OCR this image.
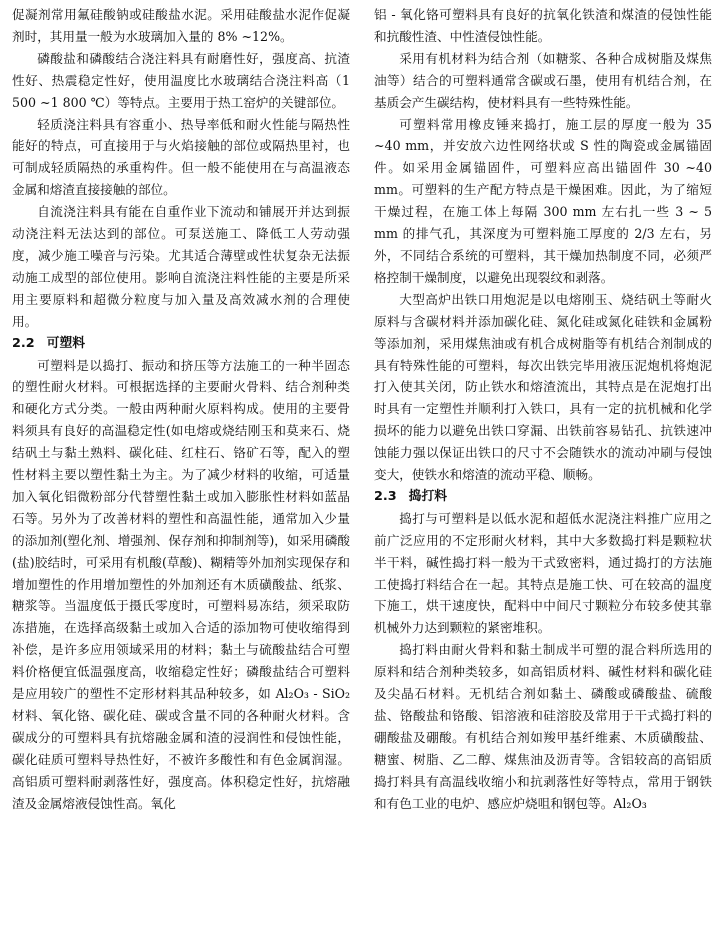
促凝剂常用氟硅酸钠或硅酸盐水泥。采用硅酸盐水泥作促凝剂时，其用量一般为水玻璃加入量的 8% ~12%。

磷酸盐和磷酸结合浇注料具有耐磨性好，强度高、抗渣性好、热震稳定性好，使用温度比水玻璃结合浇注料高（1 500 ~1 800 ℃）等特点。主要用于热工窑炉的关键部位。

轻质浇注料具有容重小、热导率低和耐火性能与隔热性能好的特点，可直接用于与火焰接触的部位或隔热里衬，也可制成轻质隔热的承重构件。但一般不能使用在与高温液态金属和熔渣直接接触的部位。

自流浇注料具有能在自重作业下流动和铺展开并达到振动浇注料无法达到的部位。可泵送施工、降低工人劳动强度，减少施工噪音与污染。尤其适合薄壁或性状复杂无法振动施工成型的部位使用。影响自流浇注料性能的主要是所采用主要原料和超微分粒度与加入量及高效减水剂的合理使用。

2.2 可塑料

可塑料是以捣打、振动和挤压等方法施工的一种半固态的塑性耐火材料。可根据选择的主要耐火骨料、结合剂种类和硬化方式分类。一般由两种耐火原料构成。使用的主要骨料须具有良好的高温稳定性(如电熔或烧结刚玉和莫来石、烧结矾土与黏土熟料、碳化硅、红柱石、铬矿石等，配入的塑性材料主要以塑性黏土为主。为了减少材料的收缩，可适量加入氧化铝微粉部分代替塑性黏土或加入膨胀性材料如蓝晶石等。另外为了改善材料的塑性和高温性能，通常加入少量的添加剂(塑化剂、增强剂、保存剂和抑制剂等)，如采用磷酸(盐)胶结时，可采用有机酸(草酸)、糊精等外加剂实现保存和增加塑性的作用增加塑性的外加剂还有木质磺酸盐、纸浆、糖浆等。当温度低于摄氏零度时，可塑料易冻结，须采取防冻措施，在选择高级黏土或加入合适的添加物可使收缩得到补偿，是许多应用领域采用的材料；黏土与硫酸盐结合可塑料价格便宜低温强度高，收缩稳定性好；磷酸盐结合可塑料是应用较广的塑性不定形材料其品种较多，如 Al₂O₃ - SiO₂ 材料、氧化铬、碳化硅、碳或含量不同的各种耐火材料。含碳成分的可塑料具有抗熔融金属和渣的浸润性和侵蚀性能，碳化硅质可塑料导热性好，不被许多酸性和有色金属润湿。高铝质可塑料耐剥落性好，强度高。体积稳定性好，抗熔融渣及金属熔液侵蚀性高。氧化

铝 - 氧化铬可塑料具有良好的抗氧化铁渣和煤渣的侵蚀性能和抗酸性渣、中性渣侵蚀性能。

采用有机材料为结合剂（如糖浆、各种合成树脂及煤焦油等）结合的可塑料通常含碳或石墨，使用有机结合剂，在基质会产生碳结构，使材料具有一些特殊性能。

可塑料常用橡皮锤来捣打，施工层的厚度一般为 35 ~40 mm，并安放六边性网络状或 S 性的陶瓷或金属锚固件。如采用金属锚固件，可塑料应高出锚固件 30 ~40 mm。可塑料的生产配方特点是干燥困难。因此，为了缩短干燥过程，在施工体上每隔 300 mm 左右扎一些 3 ~ 5 mm 的排气孔，其深度为可塑料施工厚度的 2/3 左右，另外，不同结合系统的可塑料，其干燥加热制度不同，必须严格控制干燥制度，以避免出现裂纹和剥落。

大型高炉出铁口用炮泥是以电熔刚玉、烧结矾土等耐火原料与含碳材料并添加碳化硅、氮化硅或氮化硅铁和金属粉等添加剂，采用煤焦油或有机合成树脂等有机结合剂制成的具有特殊性能的可塑料，每次出铁完毕用液压泥炮机将炮泥打入使其关闭，防止铁水和熔渣流出，其特点是在泥炮打出时具有一定塑性并顺利打入铁口，具有一定的抗机械和化学损坏的能力以避免出铁口穿漏、出铁前容易钻孔、抗铁速冲蚀能力强以保证出铁口的尺寸不会随铁水的流动冲刷与侵蚀变大，使铁水和熔渣的流动平稳、顺畅。

2.3 捣打料

捣打与可塑料是以低水泥和超低水泥浇注料推广应用之前广泛应用的不定形耐火材料，其中大多数捣打料是颗粒状半干料，碱性捣打料一般为干式致密料，通过捣打的方法施工使捣打料结合在一起。其特点是施工快、可在较高的温度下施工，烘干速度快，配料中中间尺寸颗粒分布较多使其靠机械外力达到颗粒的紧密堆积。

捣打料由耐火骨料和黏土制成半可塑的混合料所选用的原料和结合剂种类较多，如高铝质材料、碱性材料和碳化硅及尖晶石材料。无机结合剂如黏土、磷酸或磷酸盐、硫酸盐、铬酸盐和铬酸、铝溶液和硅溶胶及常用于干式捣打料的硼酸盐及硼酸。有机结合剂如羧甲基纤维素、木质磺酸盐、糖蜜、树脂、乙二醇、煤焦油及沥青等。含铝较高的高铝质捣打料具有高温线收缩小和抗剥落性好等特点，常用于钢铁和有色工业的电炉、感应炉烧咀和钢包等。Al₂O₃
